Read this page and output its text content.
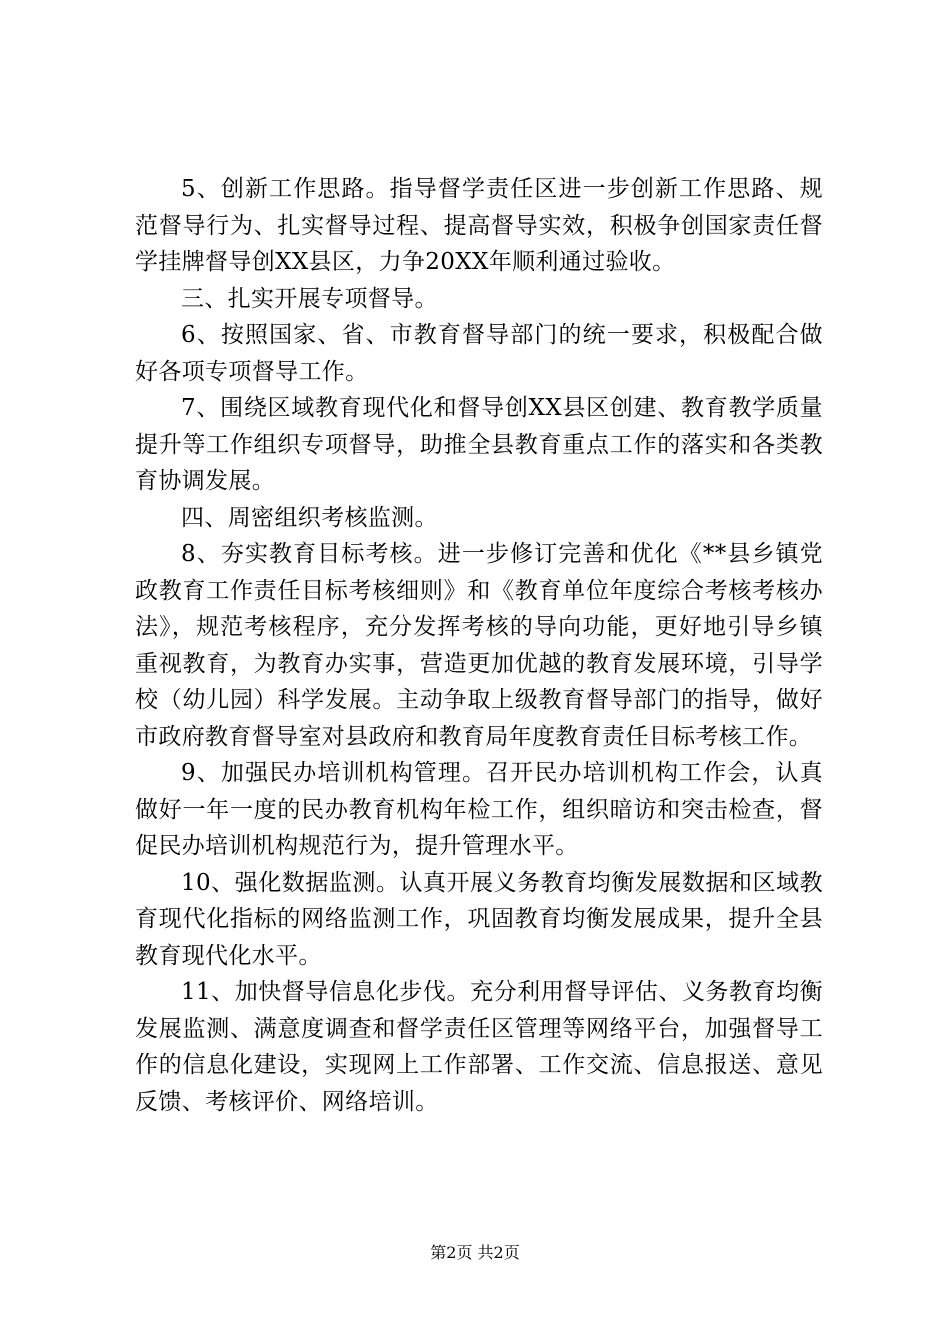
5、创新工作思路。指导督学责任区进一步创新工作思路、规范督导行为、扎实督导过程、提高督导实效，积极争创国家责任督学挂牌督导创XX县区，力争20XX年顺利通过验收。

三、扎实开展专项督导。

6、按照国家、省、市教育督导部门的统一要求，积极配合做好各项专项督导工作。

7、围绕区域教育现代化和督导创XX县区创建、教育教学质量提升等工作组织专项督导，助推全县教育重点工作的落实和各类教育协调发展。

四、周密组织考核监测。

8、夯实教育目标考核。进一步修订完善和优化《**县乡镇党政教育工作责任目标考核细则》和《教育单位年度综合考核考核办法》，规范考核程序，充分发挥考核的导向功能，更好地引导乡镇重视教育，为教育办实事，营造更加优越的教育发展环境，引导学校（幼儿园）科学发展。主动争取上级教育督导部门的指导，做好市政府教育督导室对县政府和教育局年度教育责任目标考核工作。

9、加强民办培训机构管理。召开民办培训机构工作会，认真做好一年一度的民办教育机构年检工作，组织暗访和突击检查，督促民办培训机构规范行为，提升管理水平。

10、强化数据监测。认真开展义务教育均衡发展数据和区域教育现代化指标的网络监测工作，巩固教育均衡发展成果，提升全县教育现代化水平。

11、加快督导信息化步伐。充分利用督导评估、义务教育均衡发展监测、满意度调查和督学责任区管理等网络平台，加强督导工作的信息化建设，实现网上工作部署、工作交流、信息报送、意见反馈、考核评价、网络培训。

第2页 共2页
